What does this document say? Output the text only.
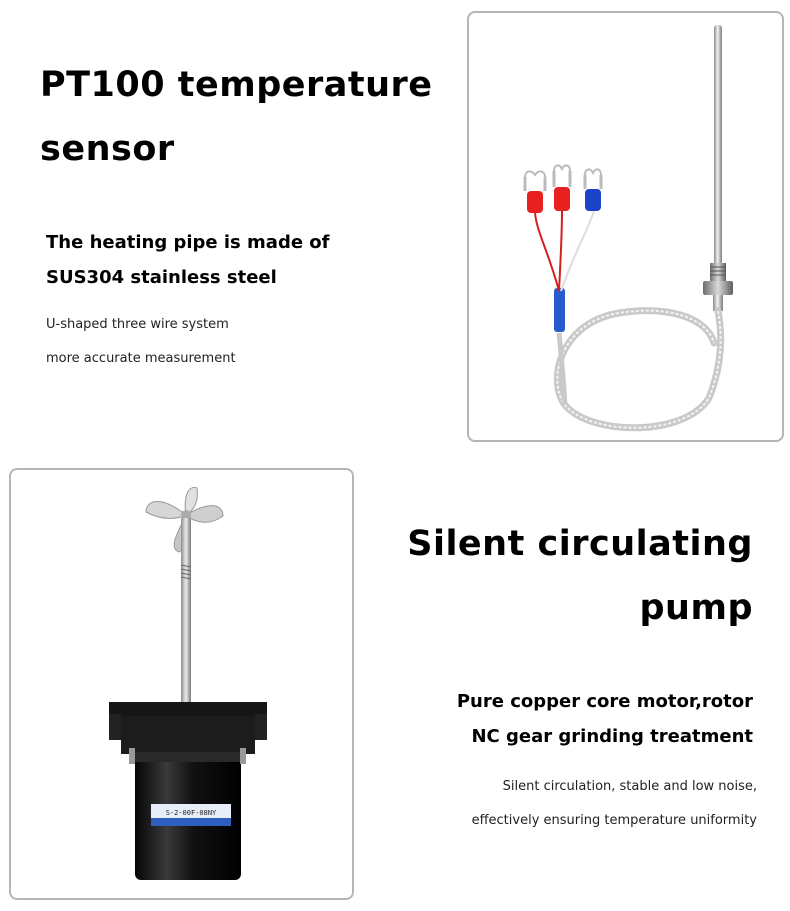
PT100 temperature
sensor
The heating pipe is made of
SUS304 stainless steel

U-shaped three wire system
more accurate measurement

S-2-00F-08NY
Silent circulating
pump
Pure copper core motor,rotor
NC gear grinding treatment

Silent circulation, stable and low noise,
effectively ensuring temperature uniformity
